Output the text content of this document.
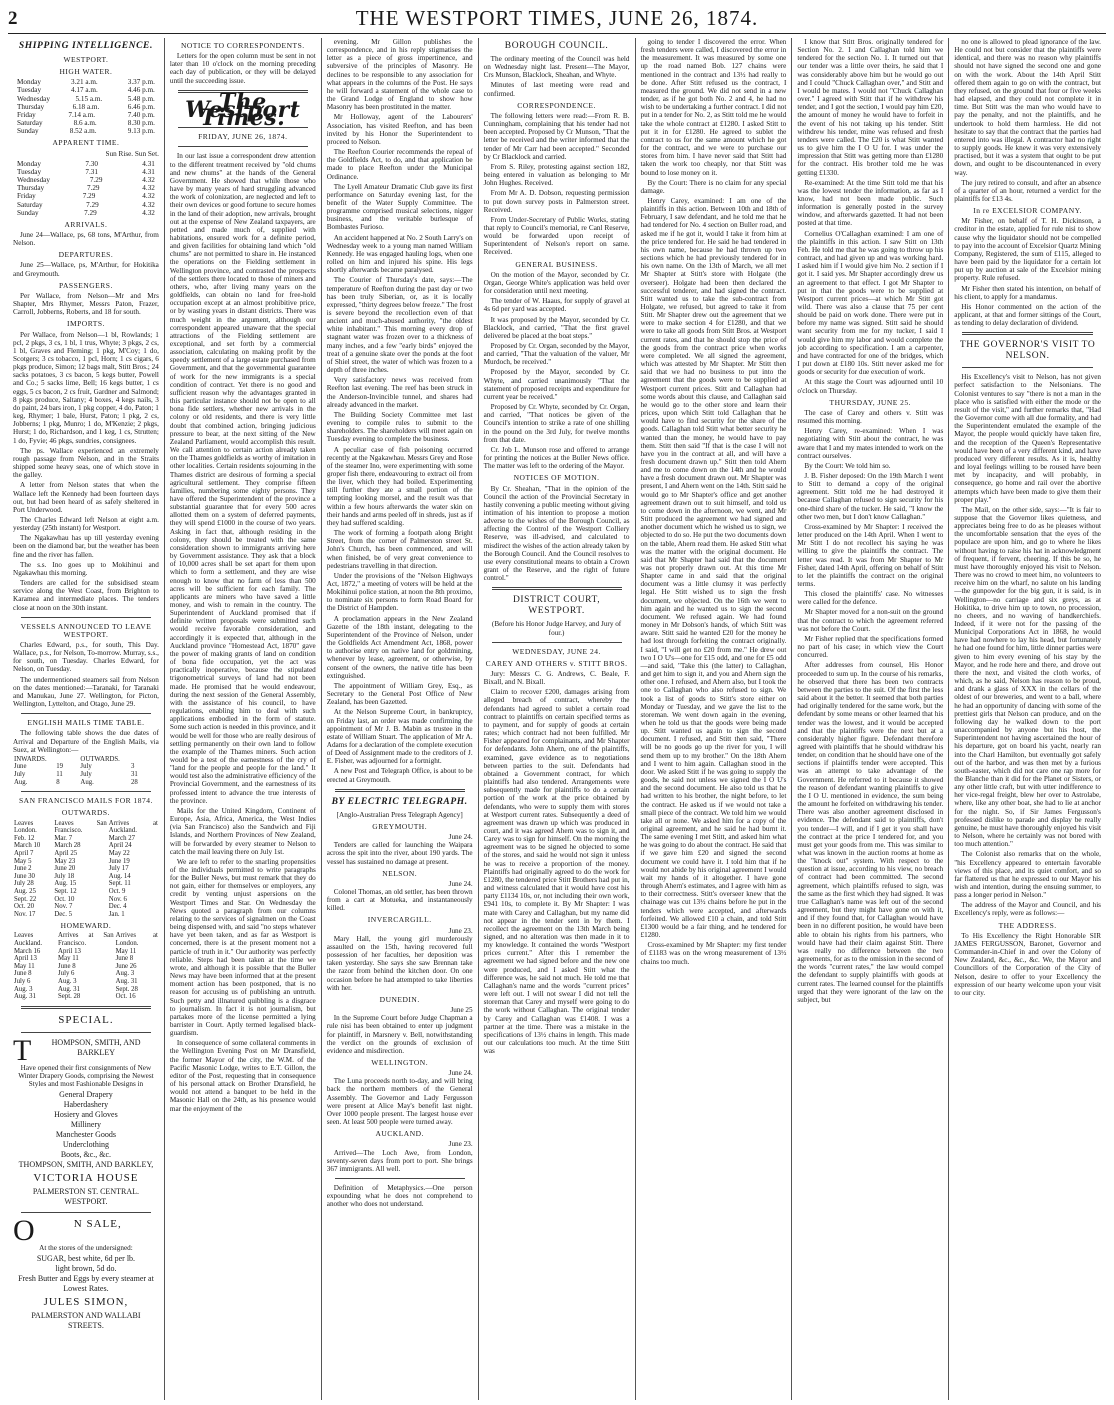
2	THE WESTPORT TIMES, JUNE 26, 1874.
SHIPPING INTELLIGENCE.
WESTPORT.
HIGH WATER.
Monday	3.21 a.m.	3.37 p.m.
Tuesday	4.17 a.m.	4.46 p.m.
Wednesday	5.15 a.m.	5.48 p.m.
Thursday	6.18 a.m.	6.46 p.m.
Friday	7.14 a.m.	7.40 p.m.
Saturday	8.6 a.m.	8.30 p.m.
Sunday	8.52 a.m.	9.13 p.m.
APPARENT TIME.
Sun Rise. Sun Set.
Monday	7.30	4.31
Tuesday	7.31	4.31
Wednesday	7.29	4.32
Thursday	7.29	4.32
Friday	7.29	4.32
Saturday	7.29	4.32
Sunday	7.29	4.32
ARRIVALS.

June 24—Wallace, ps, 68 tons, M'Arthur, from Nelson.

DEPARTURES.

June 25—Wallace, ps, M'Arthur, for Hokitika and Greymouth.

PASSENGERS.

Per Wallace, from Nelson—Mr and Mrs Shapter, Mrs Rhymer, Messrs Paton, Frazer, Carroll, Jobberns, Roberts, and 18 for south.

IMPORTS.

Per Wallace, from Nelson—1 bl, Rowlands; 1 pcl, 2 pkgs, 3 cs, 1 bl, 1 trus, Whyte; 3 pkgs, 2 cs, 1 bl, Graves and Fleming; 1 pkg, M'Coy; 1 do, Scotgers; 3 cs tobacco, 1 pcl, Horn; 1 cs cigars, 6 pkgs produce, Simon; 12 bags malt, Stitt Bros.; 24 sacks potatoes, 3 cs bacon, 5 kegs butter, Powell and Co.; 5 sacks lime, Bell; 16 kegs butter, 1 cs eggs, 5 cs bacon, 2 cs fruit, Gardner and Salmond; 8 pkgs produce, Saltany; 4 boxes, 4 kegs nails, 3 do paint, 24 bars iron, 1 pkg copper, 4 do, Paton; 1 keg, Rhymer; 1 bale, Hurst, Paton; 1 pkg, 2 cs, Jobberns; 1 pkg, Munro; 1 do, M'Kenzie; 2 pkgs, Hurst; 1 do, Richardson, and 1 keg, 1 cs, Strutten; 1 do, Fyvie; 46 pkgs, sundries, consignees.

The ps. Wallace experienced an extremely rough passage from Nelson, and in the Straits shipped some heavy seas, one of which stove in the galley.

A letter from Nelson states that when the Wallace left the Kennedy had been fourteen days out, but had been heard of as safely sheltered in Port Underwood.

The Charles Edward left Nelson at eight a.m. yesterday (25th instant) for Westport.

The Ngakawhau has up till yesterday evening been on the diamond bar, but the weather has been fine and the river has fallen.

The s.s. Ino goes up to Mokihinui and Ngakawhau this morning.

Tenders are called for the subsidised steam service along the West Coast, from Brighton to Karamea and intermediate places. The tenders close at noon on the 30th instant.

VESSELS ANNOUNCED TO LEAVE WESTPORT.

Charles Edward, p.s., for south, This Day. Wallace, p.s., for Nelson, To-morrow. Murray, s.s., for south, on Tuesday. Charles Edward, for Nelson, on Tuesday.

The undermentioned steamers sail from Nelson on the dates mentioned:—Taranaki, for Taranaki and Manukau, June 27. Wellington, for Picton, Wellington, Lyttelton, and Otago, June 29.

ENGLISH MAILS TIME TABLE.

The following table shows the due dates of Arrival and Departure of the English Mails, via Suez, at Wellington:—

INWARDS.		OUTWARDS.	
June	19	July	3
July	11	July	31
Aug.	8	Aug.	28
SAN FRANCISCO MAILS FOR 1874.
OUTWARDS.
Leaves London.	Leaves San Francisco.	Arrives at Auckland.
Feb. 12	Mar. 7	March 27
March 10	March 28	April 24
April 7	April 25	May 22
May 5	May 23	June 19
June 2	June 20	July 17
June 30	July 18	Aug. 14
July 28	Aug. 15	Sept. 11
Aug. 25	Sept. 12	Oct. 9
Sept. 22	Oct. 10	Nov. 6
Oct. 20	Nov. 7	Dec. 4
Nov. 17	Dec. 5	Jan. 1
HOMEWARD.
Leaves Auckland.	Arrives at San Francisco.	Arrives at London.
March 16	April 13	May 11
April 13	May 11	June 8
May 11	June 8	June 26
June 8	July 6	Aug. 3
July 6	Aug. 3	Aug. 31
Aug. 3	Aug. 31	Sept. 28
Aug. 31	Sept. 28	Oct. 16
SPECIAL.
T	HOMPSON, SMITH, AND BARKLEY

Have opened their first consignments of New Winter Drapery Goods, comprising the Newest Styles and most Fashionable Designs in

General Drapery
Haberdashery
Hosiery and Gloves
Millinery
Manchester Goods
Underclothing
Boots, &c., &c.
THOMPSON, SMITH, AND BARKLEY,
VICTORIA HOUSE
PALMERSTON ST. CENTRAL.
WESTPORT.
O	N SALE,

At the stores of the undersigned:

SUGAR, best white, 6d per lb.
light brown, 5d do.
Fresh Butter and Eggs by every steamer at Lowest Rates.
JULES SIMON,
PALMERSTON AND WALLABI STREETS.
NOTICE TO CORRESPONDENTS.

Letters for the open column must be sent in not later than 10 o'clock on the morning preceding each day of publication, or they will be delayed until the succeeding issue.

The Westport Times.
FRIDAY, JUNE 26, 1874.

In our last issue a correspondent drew attention to the different treatment received by "old chums and new chums" at the hands of the General Government. He showed that while those who have by many years of hard struggling advanced the work of colonization, are neglected and left to their own devices or good fortune to secure homes in the land of their adoption, new arrivals, brought out at the expense of New Zealand taxpayers, are petted and made much of, supplied with habitations, ensured work for a definite period, and given facilities for obtaining land which "old chums" are not permitted to share in. He instanced the operations on the Fielding settlement in Wellington province, and contrasted the prospects of the settlers there located to those of miners and others, who, after living many years on the goldfields, can obtain no land for free-hold occupation except at an almost prohibitive price, or by wasting years in distant districts. There was much weight in the argument, although our correspondent appeared unaware that the special attractions of the Fielding settlement are exceptional, and set forth by a commercial association, calculating on making profit by the speedy settlement of a large estate purchased from Government, and that the governmental guarantee of work for the new immigrants is a special condition of contract. Yet there is no good and sufficient reason why the advantages granted in this particular instance should not be open to all bona fide settlers, whether new arrivals in the colony or old residents, and there is very little doubt that combined action, bringing judicious pressure to bear, at the next sitting of the New Zealand Parliament, would accomplish this result. We call attention to certain action already taken on the Thames goldfields as worthy of imitation in other localities. Certain residents sojourning in the Thames district are desirous of forming a special agricultural settlement. They comprise fifteen families, numbering some eighty persons. They have offered the Superintendent of the province a substantial guarantee that for every 500 acres allotted them on a system of deferred payments, they will spend £1000 in the course of two years. Asking in fact that, although residing in the colony, they should be treated with the same consideration shown to immigrants arriving here by Government assistance. They ask that a block of 10,000 acres shall be set apart for them upon which to form a settlement, and they are wise enough to know that no farm of less than 500 acres will be sufficient for each family. The applicants are miners who have saved a little money, and wish to remain in the country. The Superintendent of Auckland promised that if definite written proposals were submitted such would receive favorable consideration, and accordingly it is expected that, although in the Auckland province "Homestead Act, 1870" gave the power of making grants of land on condition of bona fide occupation, yet the act was practically inoperative, because the stipulated trigonometrical surveys of land had not been made. He promised that he would endeavour, during the next session of the General Assembly, with the assistance of his council, to have regulations, enabling him to deal with such applications embodied in the form of statute. Some such action is needed in this province, and it would be well for those who are really desirous of settling permanently on their own land to follow the example of the Thames miners. Such action would be a test of the earnestness of the cry of "land for the people and people for the land." It would test also the administrative efficiency of the Provincial Government, and the earnestness of its professed intent to advance the true interests of the province.

Mails for the United Kingdom, Continent of Europe, Asia, Africa, America, the West Indies (via San Francisco) also the Sandwich and Fiji Islands, and Northern Provinces of New Zealand, will be forwarded by every steamer to Nelson to catch the mail leaving there on July 1st.

We are left to refer to the snarling propensities of the individuals permitted to write paragraphs for the Buller News, but must remark that they do not gain, either for themselves or employers, any credit by venting unjust aspersions on the Westport Times and Star. On Wednesday the News quoted a paragraph from our columns relating to the services of signalmen on the Coast being dispensed with, and said "no steps whatever have yet been taken, and as far as Westport is concerned, there is at the present moment not a particle of truth in it." Our authority was perfectly reliable. Steps had been taken at the time we wrote, and although it is possible that the Buller News may have been informed that at the present moment action has been postponed, that is no reason for accusing us of publishing an untruth. Such petty and illnatured quibbling is a disgrace to journalism. In fact it is not journalism, but partakes more of the license permitted a lying barrister in Court. Aptly termed legalised black-guardism.

In consequence of some collateral comments in the Wellington Evening Post on Mr Dransfield, the former Mayor of the city, the W.M. of the Pacific Masonic Lodge, writes to E.T. Gillon, the editor of the Post, requesting that in consequence of his personal attack on Brother Dransfield, he would not attend a banquet to be held in the Masonic Hall on the 24th, as his presence would mar the enjoyment of the

evening. Mr Gillon publishes the correspondence, and in his reply stigmatises the letter as a piece of gross impertinence, and subversive of the principles of Masonry. He declines to be responsible to any association for what appears in the columns of the Post. He says he will forward a statement of the whole case to the Grand Lodge of England to show how Masonry has been prostituted in the matter.

Mr Holloway, agent of the Labourers' Association, has visited Reefton, and has been invited by his Honor the Superintendent to proceed to Nelson.

The Reefton Courier recommends the repeal of the Goldfields Act, to do, and that application be made to place Reefton under the Municipal Ordinance.

The Lyell Amateur Dramatic Club gave its first performance on Saturday evening last, for the benefit of the Water Supply Committee. The programme comprised musical selections, nigger business, and the veritable burlesque of Bombastes Furioso.

An accident happened at No. 2 South Larry's on Wednesday week to a young man named William Kennedy. He was engaged hauling logs, when one rolled on him and injured his spine. His legs shortly afterwards became paralysed.

The Courier of Thursday's date, says:—The temperature of Reefton during the past day or two has been truly Siberian, or, as it is locally expressed, "thirty degrees below freeze." The frost is severe beyond the recollection even of that ancient and much-abused authority, "the oldest white inhabitant." This morning every drop of stagnant water was frozen over to a thickness of many inches, and a few "early birds" enjoyed the treat of a genuine skate over the ponds at the foot of Shiel street, the water of which was frozen to a depth of three inches.

Very satisfactory news was received from Reefton last evening. The reef has been struck in the Anderson-Invincible tunnel, and shares had already advanced in the market.

The Building Society Committee met last evening to compile rules to submit to the shareholders. The shareholders will meet again on Tuesday evening to complete the business.

A peculiar case of fish poisoning occurred recently at the Ngakawhau. Messrs Grey and Rose of the steamer Ino, were experimenting with some groper fish there, endeavouring to extract oil from the liver, which they had boiled. Experimenting still further they ate a small portion of the tempting looking morsel, and the result was that within a few hours afterwards the water skin on their hands and arms peeled off in shreds, just as if they had suffered scalding.

The work of forming a footpath along Bright Street, from the corner of Palmerston street St. John's Church, has been commenced, and will when finished, be of very great convenience to pedestrians travelling in that direction.

Under the provisions of the "Nelson Highways Act, 1872," a meeting of voters will be held at the Mokihinui police station, at noon the 8th proximo, to nominate six persons to form Road Board for the District of Hampden.

A proclamation appears in the New Zealand Gazette of the 18th instant, delegating to the Superintendent of the Province of Nelson, under the Goldfields Act Amendment Act, 1868, power to authorise entry on native land for goldmining, whenever by lease, agreement, or otherwise, by consent of the owners, the native title has been extinguished.

The appointment of William Grey, Esq., as Secretary to the General Post Office of New Zealand, has been Gazetted.

At the Nelson Supreme Court, in bankruptcy, on Friday last, an order was made confirming the appointment of Mr J. B. Mabin as trustee in the estate of William Stuart. The application of Mr A. Adams for a declaration of the complete execution of Deed of Assignment made to the creditors of J. E. Fisher, was adjourned for a fortnight.

A new Post and Telegraph Office, is about to be erected at Greymouth.

BY ELECTRIC TELEGRAPH.
[Anglo-Australian Press Telegraph Agency]
GREYMOUTH.
June 24.

Tenders are called for launching the Waipara across the spit into the river, about 190 yards. The vessel has sustained no damage at present.

NELSON.
June 24.

Colonel Thomas, an old settler, has been thrown from a cart at Motueka, and instantaneously killed.

INVERCARGILL.
June 23.

Mary Hall, the young girl murderously assaulted on the 15th, having recovered full possession of her faculties, her deposition was taken yesterday. She says she saw Brennan take the razor from behind the kitchen door. On one occasion before he had attempted to take liberties with her.

DUNEDIN.
June 25

In the Supreme Court before Judge Chapman a rule nisi has been obtained to enter up judgment for plaintiff, in Marsnery v. Bell, notwithstanding the verdict on the grounds of exclusion of evidence and misdirection.

WELLINGTON.
June 24.

The Luna proceeds north to-day, and will bring back the northern members of the General Assembly. The Governor and Lady Fergusson were present at Alice May's benefit last night. Over 1000 people present. The largest house ever seen. At least 500 people were turned away.

AUCKLAND.
June 23.

Arrived—The Loch Awe, from London, seventy-seven days from port to port. She brings 367 immigrants. All well.

Definition of Metaphysics.—One person expounding what he does not comprehend to another who does not understand.

BOROUGH COUNCIL.

The ordinary meeting of the Council was held on Wednesday night last. Present—The Mayor, Crs Munson, Blacklock, Sheahan, and Whyte.

Minutes of last meeting were read and confirmed.

CORRESPONDENCE.

The following letters were read:—From R. B. Cunningham, complaining that his tender had not been accepted. Proposed by Cr Munson, "That the letter be received and the writer informed that the tender of Mr Carr had been accepted." Seconded by Cr Blacklock and carried.

From S. Riley, protesting against section 182, being entered in valuation as belonging to Mr John Hughes. Received.

From Mr A. D. Dobson, requesting permission to put down survey posts in Palmerston street. Received.

From Under-Secretary of Public Works, stating that reply to Council's memorial, re Canl Reserve, would be forwarded upon receipt of Superintendent of Nelson's report on same. Received.

GENERAL BUSINESS.

On the motion of the Mayor, seconded by Cr. Organ, George White's application was held over for consideration until next meeting.

The tender of W. Haaus, for supply of gravel at 4s 6d per yard was accepted.

It was proposed by the Mayor, seconded by Cr. Blacklock, and carried, "That the first gravel delivered be placed at the boat steps."

Proposed by Cr. Organ, seconded by the Mayor, and carried, "That the valuation of the valuer, Mr Murdoch, be received."

Proposed by the Mayor, seconded by Cr. Whyte, and carried unanimously "That the statement of proposed receipts and expenditure for current year be received."

Proposed by Cr. Whyte, seconded by Cr. Organ, and carried, "That notices be given of the Council's intention to strike a rate of one shilling in the pound on the 3rd July, for twelve months from that date.

Cr. Job L. Munson rose and offered to arrange for printing the notices at the Buller News office. The matter was left to the ordering of the Mayor.

NOTICES OF MOTION.

By Cr. Sheahan, "That in the opinion of the Council the action of the Provincial Secretary in hastily convening a public meeting without giving intimation of his intention to propose a motion adverse to the wishes of the Borough Council, as affecting the Control of the Westport Colliery Reserve, was ill-advised, and calculated to misdirect the wishes of the action already taken by the Borough Council. And the Council resolves to use every constitutional means to obtain a Crown grant of the Reserve, and the right of future control."

DISTRICT COURT, WESTPORT.
(Before his Honor Judge Harvey, and Jury of four.)
WEDNESDAY, JUNE 24.
CAREY AND OTHERS v. STITT BROS.

Jury: Messrs C. G. Andrews, C. Beale, F. Bixall, and N. Bixall.

Claim to recover £200, damages arising from alleged breach of contract, whereby the defendants had agreed to sublet a certain road contract to plaintiffs on certain specified terms as to payment, and for supply of goods at certain rates; which contract had not been fulfilled. Mr Fisher appeared for complainants, and Mr Shapter for defendants. John Ahern, one of the plaintiffs, examined, gave evidence as to negotiations between parties to the suit. Defendants had obtained a Government contract, for which plaintiffs had also tendered. Arrangements were subsequently made for plaintiffs to do a certain portion of the work at the price obtained by defendants, who were to supply them with stores at Westport current rates. Subsequently a deed of agreement was drawn up which was produced in court, and it was agreed Ahern was to sign it, and Carey was to sign for himself. On the morning the agreement was to be signed he objected to some of the stores, and said he would not sign it unless he was to receive a proportion of the money. Plaintiffs had originally agreed to do the work for £1280, the tendered price Stitt Brothers had put in, and witness calculated that it would have cost his party £1134 10s, or, not including their own work, £941 10s, to complete it. By Mr Shapter: I was mate with Carey and Callaghan, but my name did not appear in the tender sent in by them. I recollect the agreement on the 13th March being signed, and no alteration was then made in it to my knowledge. It contained the words "Westport prices current." After this I remember the agreement we had signed before and the new one were produced, and I asked Stitt what the difference was, he said not much. He told me that Callaghan's name and the words "current prices" were left out. I will not swear I did not tell the storeman that Carey and myself were going to do the work without Callaghan. The original tender by Carey and Callaghan was £1408. I was a partner at the time. There was a mistake in the specifications of 13½ chains in length. This made out our calculations too much. At the time Stitt was

going to tender I discovered the error. When fresh tenders were called, I discovered the error in the measurement. It was measured by some one up the road named Bob. 127 chains were mentioned in the contract and 13½ had really to be done. After Stitt refused us the contract, I measured the ground. We did not send in a new tender, as if he got both No. 2 and 4, he had no wish to be undertaking a further contract. I did not put in a tender for No. 2, as Stitt told me he would take the whole contract at £1280. I asked Stitt to put it in for £1280. He agreed to sublet the contract to us for the same amount which he got for the contract, and we were to purchase our stores from him. I have never said that Stitt had taken the work too cheaply, nor that Stitt was bound to lose money on it.

By the Court: There is no claim for any special damage.

Henry Carey, examined: I am one of the plaintiffs in this action. Between 10th and 18th of February, I saw defendant, and he told me that he had tendered for No. 4 section on Buller road, and asked me if he got it, would I take it from him at the price tendered for. He said he had tendered in his own name, because he had thrown up two sections which he had previously tendered for in his own name. On the 13th of March, we all met Mr Shapter at Stitt's store with Holgate (the overseer). Holgate had been then declared the successful tenderer, and had signed the contract. Stitt wanted us to take the sub-contract from Holgate, we refused, but agreed to take it from Stitt. Mr Shapter drew out the agreement that we were to make section 4 for £1280, and that we were to take all goods from Stitt Bros. at Westport current rates, and that he should stop the price of the goods from the contract price when works were completed. We all signed the agreement, which was attested by Mr Shapter. Mr Stitt then said that we had no business to put into the agreement that the goods were to be supplied at Westport current prices. Stitt and Callaghan had some words about this clause, and Callaghan said he would go to the other store and learn their prices, upon which Stitt told Callaghan that he would have to find security for the share of the goods. Callaghan told Stitt what better security he wanted than the money, he would have to pay them. Stitt then said "If that is the case I will not have you in the contract at all, and will have a fresh document drawn up." Stitt then told Ahern and me to come down on the 14th and he would have a fresh document drawn out. Mr Shapter was present, I and Ahern went on the 14th. Stitt said he would go to Mr Shapter's office and get another agreement drawn out to suit himself, and told us to come down in the afternoon, we went, and Mr Stitt produced the agreement we had signed and another document which he wished us to sign, we objected to do so. He put the two documents down on the table, Ahern read them. He asked Stitt what was the matter with the original document. He said that Mr Shapter had said that the document was not properly drawn out. At this time Mr Shapter came in and said that the original document was a little clumsy it was perfectly legal. He Stitt wished us to sign the fresh document, we objected. On the 16th we went to him again and he wanted us to sign the second document. We refused again. We had found money in Mr Dobson's hands, of which Stitt was aware. Stitt said he wanted £20 for the money he had lost through forfeiting the contract originally. I said, "I will get no £20 from me." He drew out two I O U's—one for £15 odd, and one for £5 odd—and said, "Take this (the latter) to Callaghan, and get him to sign it, and you and Ahern sign the other one. I refused, and Ahern also, but I took the one to Callaghan who also refused to sign. We took a list of goods to Stitt's store either on Monday or Tuesday, and we gave the list to the storeman. We went down again in the evening, when he told us that the goods were being made up. Stitt wanted us again to sign the second document. I refused, and Stitt then said, "There will be no goods go up the river for you, I will send them up to my brother." On the 18th Ahern and I went to him again. Callaghan stood in the door. We asked Stitt if he was going to supply the goods, he said not unless we signed the I O U's and the second document. He also told us that he had written to his brother, the night before, to let the contract. He asked us if we would not take a small piece of the contract. We told him we would take all or none. We asked him for a copy of the original agreement, and he said he had burnt it. The same evening I met Stitt, and asked him what he was going to do about the contract. He said that if we gave him £20 and signed the second document we could have it. I told him that if he would not abide by his original agreement I would wait my hands of it altogether. I have gone through Ahern's estimates, and I agree with him as to their correctness. Stitt's overseer knew that the chainage was cut 13½ chains before he put in the tenders which were accepted, and afterwards forfeited. We allowed £10 a chain, and told Stitt £1300 would be a fair thing, and he tendered for £1280.

Cross-examined by Mr Shapter: my first tender of £1183 was on the wrong measurement of 13½ chains too much.

I know that Stitt Bros. originally tendered for Section No. 2. I and Callaghan told him we tendered for the section No. 1. It turned out that our tender was a little over theirs, he said that I was considerably above him but he would go out and I could "Chuck Callaghan over," and Stitt and I would be mates. I would not "Chuck Callaghan over." I agreed with Stitt that if he withdrew his tender, and I got the section, I would pay him £20, the amount of money he would have to forfeit in the event of his not taking up his tender. Stitt withdrew his tender, mine was refused and fresh tenders were called. The £20 is what Stitt wanted us to give him the I O U for. I was under the impression that Stitt was getting more than £1280 for the contract. His brother told me he was getting £1330.

Re-examined: At the time Stitt told me that his was the lowest tender the information, as far as I know, had not been made public. Such information is generally posted in the survey window, and afterwards gazetted. It had not been posted at that time.

Cornelius O'Callaghan examined: I am one of the plaintiffs in this action. I saw Stitt on 13th Feb. He told me that he was going to throw up his contract, and had given up and was working hard. I asked him if I would give him No. 2 section if I got it. I said yes. Mr Shapter accordingly drew us an agreement to that effect. I got Mr Shapter to put in that the goods were to be supplied at Westport current prices—at which Mr Stitt got wild. There was also a clause that 75 per cent should be paid on work done. There were put in before my name was signed. Stitt said he should want security from me for my tucker, I said I would give him my labor and would complete the job according to specification. I am a carpenter, and have contracted for one of the bridges, which I put down at £180 10s. Stitt never asked me for goods or security for due execution of work.

At this stage the Court was adjourned until 10 o'clock on Thursday.

THURSDAY, JUNE 25.

The case of Carey and others v. Stitt was resumed this morning.

Henry Carey, re-examined: When I was negotiating with Stitt about the contract, he was aware that I and my mates intended to work on the contract ourselves.

By the Court: We told him so.

J. B. Fisher deposed: On the 19th March I went to Stitt to demand a copy of the original agreement. Stitt told me he had destroyed it because Callaghan refused to sign security for his one-third share of the tucker. He said, "I know the other two men, but I don't know Callaghan."

Cross-examined by Mr Shapter: I received the letter produced on the 14th April. When I went to Mr Stitt I do not recollect his saying he was willing to give the plaintiffs the contract. The letter was read. It was from Mr Shapter to Mr Fisher, dated 14th April, offering on behalf of Stitt to let the plaintiffs the contract on the original terms.

This closed the plaintiffs' case. No witnesses were called for the defence.

Mr Shapter moved for a non-suit on the ground that the contract to which the agreement referred was not before the Court.

Mr Fisher replied that the specifications formed no part of his case; in which view the Court concurred.

After addresses from counsel, His Honor proceeded to sum up. In the course of his remarks, he observed that there has been two contracts between the parties to the suit. Of the first the less said about it the better. It seemed that both parties had originally tendered for the same work, but the defendant by some means or other learned that his tender was the lowest, and it would be accepted and that the plaintiffs were the next but at a considerably higher figure. Defendant therefore agreed with plaintiffs that he should withdraw his tender, on condition that he should have one of the sections if plaintiffs tender were accepted. This was an attempt to take advantage of the Government. He referred to it because it showed the reason of defendant wanting plaintiffs to give the I O U. mentioned in evidence, the sum being the amount he forfeited on withdrawing his tender. There was also another agreement disclosed in evidence. The defendant said to plaintiffs, don't you tender—I will, and if I get it you shall have the contract at the price I tendered for, and you must get your goods from me. This was similar to what was known in the auction rooms at home as the "knock out" system. With respect to the question at issue, according to his view, no breach of contract had been committed. The second agreement, which plaintiffs refused to sign, was the same as the first which they had signed. It was true Callaghan's name was left out of the second agreement, but they might have gone on with it, and if they found that, for Callaghan would have been in no different position, he would have been able to obtain his rights from his partners, who would have had their claim against Stitt. There was really no difference between the two agreements, for as to the omission in the second of the words "current rates," the law would compel the defendant to supply plaintiffs with goods at current rates. The learned counsel for the plaintiffs urged that they were ignorant of the law on the subject, but

no one is allowed to plead ignorance of the law. He could not but consider that the plaintiffs were identical, and there was no reason why plaintiffs should not have signed the second one and gone on with the work. About the 14th April Stitt offered them again to go on with the contract, but they refused, on the ground that four or five weeks had elapsed, and they could not complete it in time. But Stitt was the man who would have to pay the penalty, and not the plaintiffs, and he undertook to hold them harmless. He did not hesitate to say that the contract that the parties had entered into was illegal. A contractor had no right to supply goods. He knew it was very extensively practised, but it was a system that ought to be put down, and ought to be discountenanced in every way.

The jury retired to consult, and after an absence of a quarter of an hour, returned a verdict for the plaintiffs for £13 4s.

In re EXCELSIOR COMPANY.

Mr Fisher, on behalf of T. H. Dickinson, a creditor in the estate, applied for rule nisi to show cause why the liquidator should not be compelled to pay into the account of Excelsior Quartz Mining Company, Registered, the sum of £115, alleged to have been paid by the liquidator for a certain lot put up by auction at sale of the Excelsior mining property. Rule refused.

Mr Fisher then stated his intention, on behalf of his client, to apply for a mandamus.

His Honor commented on the action of the applicant, at that and former sittings of the Court, as tending to delay declaration of dividend.

THE GOVERNOR'S VISIT TO NELSON.

His Excellency's visit to Nelson, has not given perfect satisfaction to the Nelsonians. The Colonist ventures to say "there is not a man in the place who is satisfied with either the mode or the result of the visit," and further remarks that, "Had the Governor come with all due formality, and had the Superintendent emulated the example of the Mayor, the people would quickly have taken fire, and the reception of the Queen's Representative would have been of a very different kind, and have produced very different results. As it is, healthy and loyal feelings willing to be roused have been met by incapacity, and will probably, in consequence, go home and rail over the abortive attempts which have been made to give them their proper play."

The Mail, on the other side, says:—"It is fair to suppose that the Governor likes quietness, and appreciates being free to do as he pleases without the uncomfortable sensation that the eyes of the populace are upon him, and go to where he likes without having to raise his hat in acknowledgment of frequent, if fervent, cheering. If this be so, he must have thoroughly enjoyed his visit to Nelson. There was no crowd to meet him, no volunteers to receive him on the wharf, no salute on his landing—the gunpowder for the big gun, it is said, is in Wellington—no carriage and six greys, as at Hokitika, to drive him up to town, no procession, no cheers, and no waving of handkerchiefs. Indeed, if it were not for the passing of the Municipal Corporations Act in 1868, he would have had nowhere to lay his head, but fortunately he had one found for him, little dinner parties were given to him every evening of his stay by the Mayor, and he rode here and there, and drove out there the next, and visited the cloth works, of which, as he said, Nelson has reason to be proud, and drank a glass of XXX in the cellars of the oldest of our breweries, and went to a ball, where he had an opportunity of dancing with some of the prettiest girls that Nelson can produce, and on the following day he walked down to the port unaccompanied by anyone but his host, the Superintendent not having ascertained the hour of his departure, got on board his yacht, nearly ran into the Charl Hamilton, but eventually got safely out of the harbor, and was then met by a furious south-easter, which did not care one rap more for the Blanche than it did for the Planet or Sisters, or any other little craft, but with utter indifference to her vice-regal freight, blew her over to Astrolabe, where, like any other boat, she had to lie at anchor for the night. So, if Sir James Fergusson's professed dislike to parade and display be really genuine, he must have thoroughly enjoyed his visit to Nelson, where he certainly was not bored with too much attention."

The Colonist also remarks that on the whole, "his Excellency appeared to entertain favorable views of this place, and its quiet comfort, and so far flattered us that he expressed to our Mayor his wish and intention, during the ensuing summer, to pass a longer period in Nelson."

The address of the Mayor and Council, and his Excellency's reply, were as follows:—

THE ADDRESS.

To His Excellency the Right Honorable SIR JAMES FERGUSSON, Baronet, Governor and Commander-in-Chief in and over the Colony of New Zealand, &c., &c., &c. We, the Mayor and Councillors of the Corporation of the City of Nelson, desire to offer to your Excellency the expression of our hearty welcome upon your visit to our city.
